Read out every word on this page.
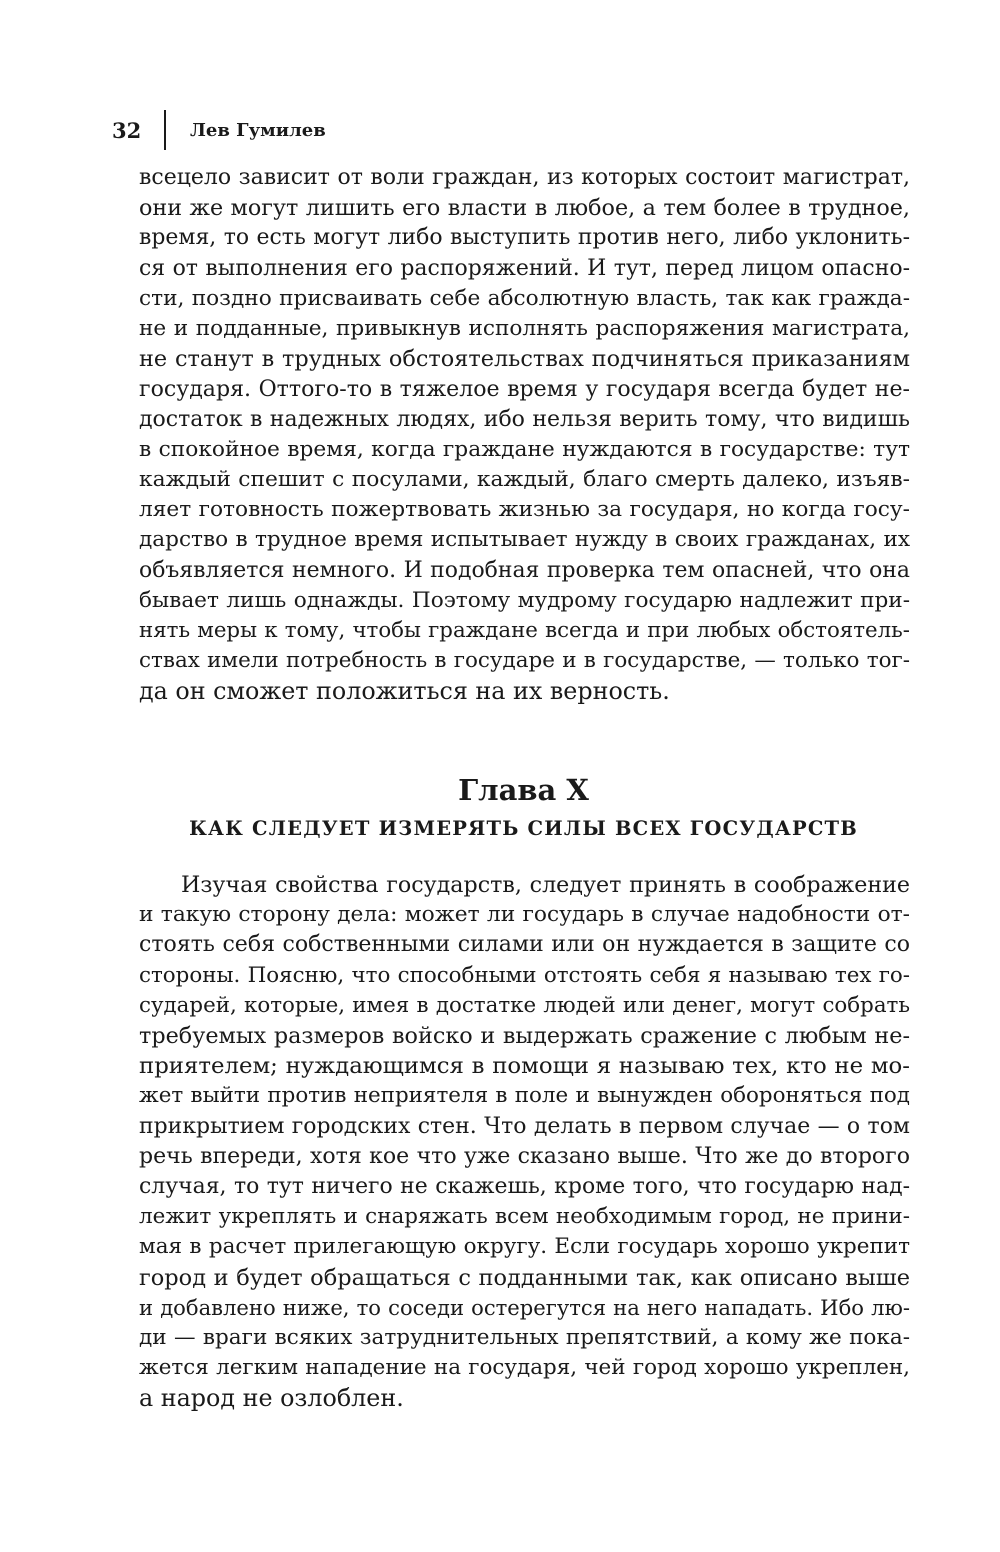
32	Лев Гумилев
всецело зависит от воли граждан, из которых состоит магистрат,
они же могут лишить его власти в любое, а тем более в трудное,
время, то есть могут либо выступить против него, либо уклонить-
ся от выполнения его распоряжений. И тут, перед лицом опасно-
сти, поздно присваивать себе абсолютную власть, так как гражда-
не и подданные, привыкнув исполнять распоряжения магистрата,
не станут в трудных обстоятельствах подчиняться приказаниям
государя. Оттого-то в тяжелое время у государя всегда будет не-
достаток в надежных людях, ибо нельзя верить тому, что видишь
в спокойное время, когда граждане нуждаются в государстве: тут
каждый спешит с посулами, каждый, благо смерть далеко, изъяв-
ляет готовность пожертвовать жизнью за государя, но когда госу-
дарство в трудное время испытывает нужду в своих гражданах, их
объявляется немного. И подобная проверка тем опасней, что она
бывает лишь однажды. Поэтому мудрому государю надлежит при-
нять меры к тому, чтобы граждане всегда и при любых обстоятель-
ствах имели потребность в государе и в государстве, — только тог-
да он сможет положиться на их верность.
Глава X
КАК СЛЕДУЕТ ИЗМЕРЯТЬ СИЛЫ ВСЕХ ГОСУДАРСТВ
Изучая свойства государств, следует принять в соображение
и такую сторону дела: может ли государь в случае надобности от-
стоять себя собственными силами или он нуждается в защите со
стороны. Поясню, что способными отстоять себя я называю тех го-
сударей, которые, имея в достатке людей или денег, могут собрать
требуемых размеров войско и выдержать сражение с любым не-
приятелем; нуждающимся в помощи я называю тех, кто не мо-
жет выйти против неприятеля в поле и вынужден обороняться под
прикрытием городских стен. Что делать в первом случае — о том
речь впереди, хотя кое что уже сказано выше. Что же до второго
случая, то тут ничего не скажешь, кроме того, что государю над-
лежит укреплять и снаряжать всем необходимым город, не прини-
мая в расчет прилегающую округу. Если государь хорошо укрепит
город и будет обращаться с подданными так, как описано выше
и добавлено ниже, то соседи остерегутся на него нападать. Ибо лю-
ди — враги всяких затруднительных препятствий, а кому же пока-
жется легким нападение на государя, чей город хорошо укреплен,
а народ не озлоблен.
